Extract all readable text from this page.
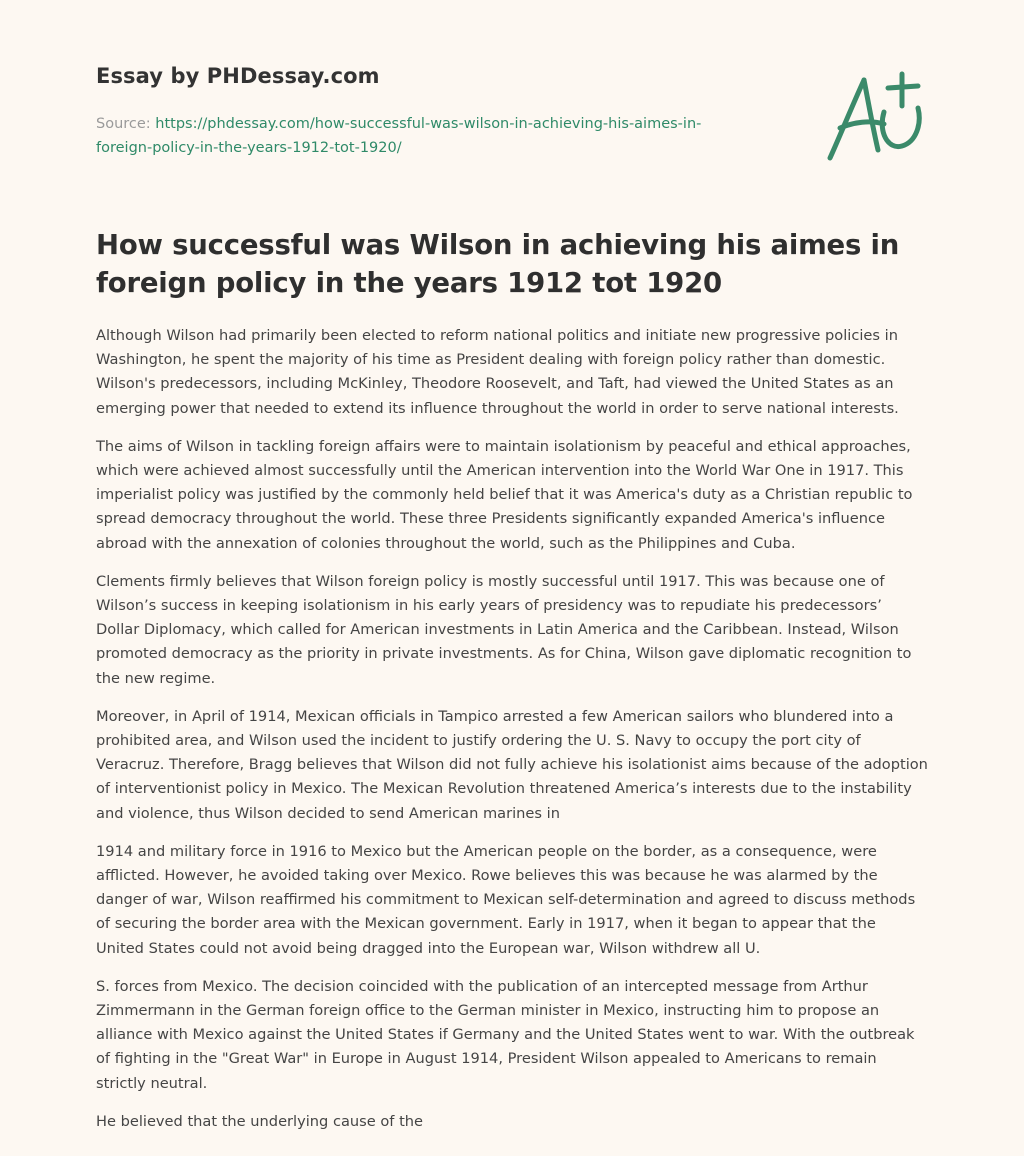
Essay by PHDessay.com
Source: https://phdessay.com/how-successful-was-wilson-in-achieving-his-aimes-in-foreign-policy-in-the-years-1912-tot-1920/
How successful was Wilson in achieving his aimes in foreign policy in the years 1912 tot 1920

Although Wilson had primarily been elected to reform national politics and initiate new progressive policies in Washington, he spent the majority of his time as President dealing with foreign policy rather than domestic. Wilson's predecessors, including McKinley, Theodore Roosevelt, and Taft, had viewed the United States as an emerging power that needed to extend its influence throughout the world in order to serve national interests.

The aims of Wilson in tackling foreign affairs were to maintain isolationism by peaceful and ethical approaches, which were achieved almost successfully until the American intervention into the World War One in 1917. This imperialist policy was justified by the commonly held belief that it was America's duty as a Christian republic to spread democracy throughout the world. These three Presidents significantly expanded America's influence abroad with the annexation of colonies throughout the world, such as the Philippines and Cuba.

Clements firmly believes that Wilson foreign policy is mostly successful until 1917. This was because one of Wilson’s success in keeping isolationism in his early years of presidency was to repudiate his predecessors’ Dollar Diplomacy, which called for American investments in Latin America and the Caribbean. Instead, Wilson promoted democracy as the priority in private investments. As for China, Wilson gave diplomatic recognition to the new regime.

Moreover, in April of 1914, Mexican officials in Tampico arrested a few American sailors who blundered into a prohibited area, and Wilson used the incident to justify ordering the U. S. Navy to occupy the port city of Veracruz. Therefore, Bragg believes that Wilson did not fully achieve his isolationist aims because of the adoption of interventionist policy in Mexico. The Mexican Revolution threatened America’s interests due to the instability and violence, thus Wilson decided to send American marines in

1914 and military force in 1916 to Mexico but the American people on the border, as a consequence, were afflicted. However, he avoided taking over Mexico. Rowe believes this was because he was alarmed by the danger of war, Wilson reaffirmed his commitment to Mexican self-determination and agreed to discuss methods of securing the border area with the Mexican government. Early in 1917, when it began to appear that the United States could not avoid being dragged into the European war, Wilson withdrew all U.

S. forces from Mexico. The decision coincided with the publication of an intercepted message from Arthur Zimmermann in the German foreign office to the German minister in Mexico, instructing him to propose an alliance with Mexico against the United States if Germany and the United States went to war. With the outbreak of fighting in the "Great War" in Europe in August 1914, President Wilson appealed to Americans to remain strictly neutral.

He believed that the underlying cause of the
